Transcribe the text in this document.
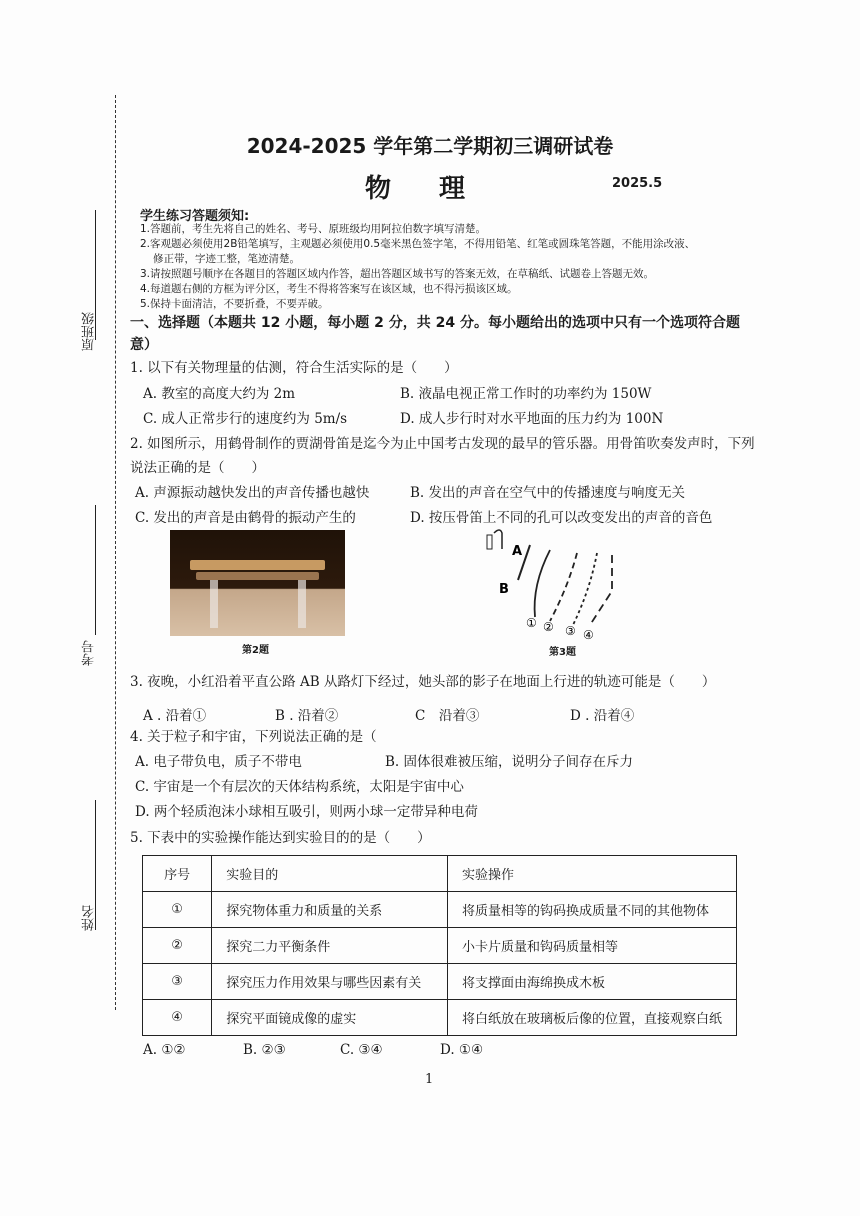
原班级
考号
姓名
2024-2025 学年第二学期初三调研试卷
物理	2025.5
学生练习答题须知:
1.答题前，考生先将自己的姓名、考号、原班级均用阿拉伯数字填写清楚。
2.客观题必须使用2B铅笔填写，主观题必须使用0.5毫米黑色签字笔，不得用铅笔、红笔或圆珠笔答题，不能用涂改液、
修正带，字迹工整，笔迹清楚。
3.请按照题号顺序在各题目的答题区域内作答，超出答题区域书写的答案无效，在草稿纸、试题卷上答题无效。
4.每道题右侧的方框为评分区，考生不得将答案写在该区域，也不得污损该区域。
5.保持卡面清洁，不要折叠，不要弄破。
一、选择题（本题共 12 小题，每小题 2 分，共 24 分。每小题给出的选项中只有一个选项符合题意）
1. 以下有关物理量的估测，符合生活实际的是（　　）
A. 教室的高度大约为 2m	B. 液晶电视正常工作时的功率约为 150W
C. 成人正常步行的速度约为 5m/s	D. 成人步行时对水平地面的压力约为 100N
2. 如图所示，用鹤骨制作的贾湖骨笛是迄今为止中国考古发现的最早的管乐器。用骨笛吹奏发声时，下列
说法正确的是（　　）
A. 声源振动越快发出的声音传播也越快	B. 发出的声音在空气中的传播速度与响度无关
C. 发出的声音是由鹤骨的振动产生的	D. 按压骨笛上不同的孔可以改变发出的声音的音色
第2题
A
B
① ② ③ ④
第3题
3. 夜晚，小红沿着平直公路 AB 从路灯下经过，她头部的影子在地面上行进的轨迹可能是（　　）
A . 沿着①	B . 沿着②	C　沿着③	D . 沿着④
4. 关于粒子和宇宙，下列说法正确的是（
A. 电子带负电，质子不带电	B. 固体很难被压缩，说明分子间存在斥力
C. 宇宙是一个有层次的天体结构系统，太阳是宇宙中心
D. 两个轻质泡沫小球相互吸引，则两小球一定带异种电荷
5. 下表中的实验操作能达到实验目的的是（　　）
序号	实验目的	实验操作
①	探究物体重力和质量的关系	将质量相等的钩码换成质量不同的其他物体
②	探究二力平衡条件	小卡片质量和钩码质量相等
③	探究压力作用效果与哪些因素有关	将支撑面由海绵换成木板
④	探究平面镜成像的虚实	将白纸放在玻璃板后像的位置，直接观察白纸
A. ①②	B. ②③	C. ③④	D. ①④
1
